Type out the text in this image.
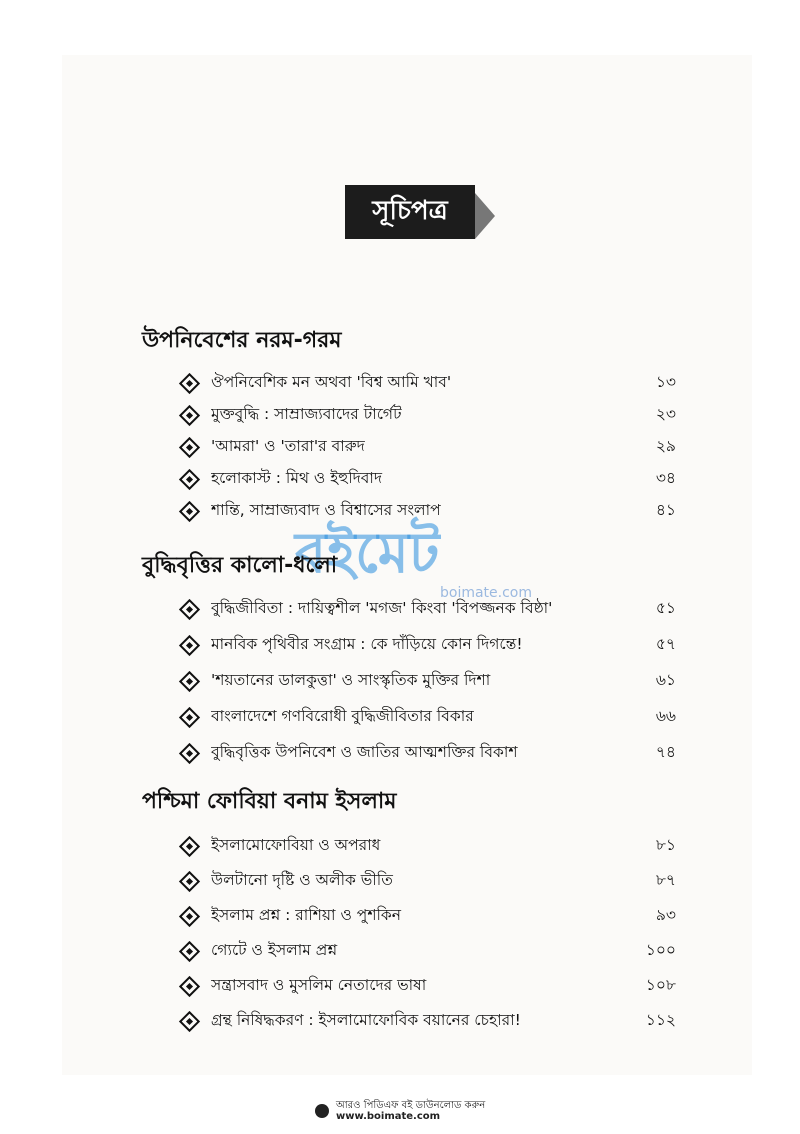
সূচিপত্র
উপনিবেশের নরম-গরম
ঔপনিবেশিক মন অথবা 'বিশ্ব আমি খাব'	১৩
মুক্তবুদ্ধি : সাম্রাজ্যবাদের টার্গেট	২৩
'আমরা' ও 'তারা'র বারুদ	২৯
হলোকাস্ট : মিথ ও ইহুদিবাদ	৩৪
শান্তি, সাম্রাজ্যবাদ ও বিশ্বাসের সংলাপ	৪১
বইমেট
boimate.com
বুদ্ধিবৃত্তির কালো-ধলো
বুদ্ধিজীবিতা : দায়িত্বশীল 'মগজ' কিংবা 'বিপজ্জনক বিষ্ঠা'	৫১
মানবিক পৃথিবীর সংগ্রাম : কে দাঁড়িয়ে কোন দিগন্তে!	৫৭
'শয়তানের ডালকুত্তা' ও সাংস্কৃতিক মুক্তির দিশা	৬১
বাংলাদেশে গণবিরোধী বুদ্ধিজীবিতার বিকার	৬৬
বুদ্ধিবৃত্তিক উপনিবেশ ও জাতির আত্মশক্তির বিকাশ	৭৪
পশ্চিমা ফোবিয়া বনাম ইসলাম
ইসলামোফোবিয়া ও অপরাধ	৮১
উলটানো দৃষ্টি ও অলীক ভীতি	৮৭
ইসলাম প্রশ্ন : রাশিয়া ও পুশকিন	৯৩
গ্যেটে ও ইসলাম প্রশ্ন	১০০
সন্ত্রাসবাদ ও মুসলিম নেতাদের ভাষা	১০৮
গ্রন্থ নিষিদ্ধকরণ : ইসলামোফোবিক বয়ানের চেহারা!	১১২
আরও পিডিএফ বই ডাউনলোড করুন
www.boimate.com
